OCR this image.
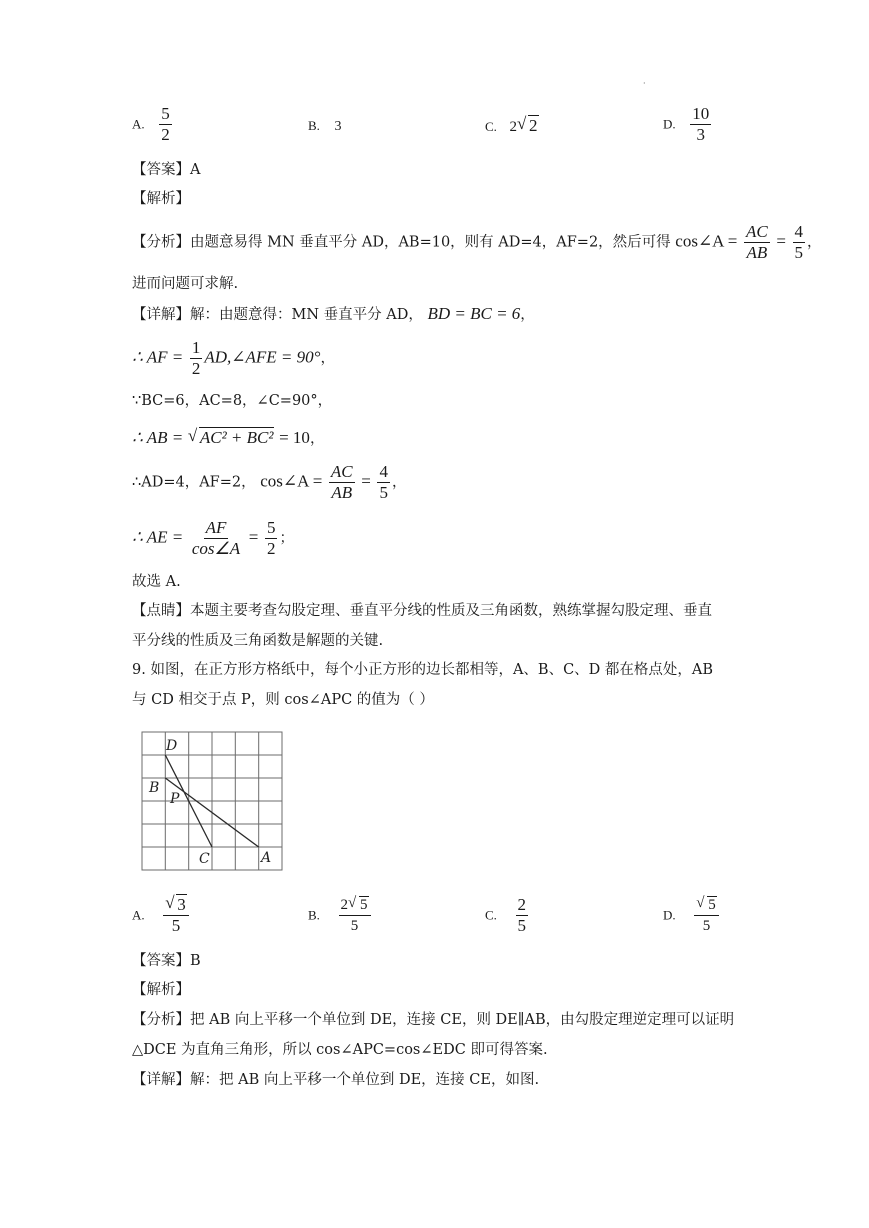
·
A. $\frac{5}{2}$	B. 3	C. 2 √ 2	D. $\frac{10}{3}$
【答案】A
【解析】
【分析】由题意易得 MN 垂直平分 AD，AB=10，则有 AD=4，AF=2，然后可得 cos∠A = $\frac{AC}{AB} = \frac{4}{5}$ ，
进而问题可求解.
【详解】解：由题意得：MN 垂直平分 AD， BD = BC = 6，
∴ AF = $\frac{1}{2}$ AD,∠AFE = 90°，
∵BC=6，AC=8，∠C=90°，
∴ AB = √ AC² + BC² = 10，
∴AD=4，AF=2， cos∠A = $\frac{AC}{AB} = \frac{4}{5}$ ，
∴ AE = $\frac{AF}{\cos\angle A} = \frac{5}{2}$ ；
故选 A.
【点睛】本题主要考查勾股定理、垂直平分线的性质及三角函数，熟练掌握勾股定理、垂直
平分线的性质及三角函数是解题的关键.
9. 如图，在正方形方格纸中，每个小正方形的边长都相等，A、B、C、D 都在格点处，AB
与 CD 相交于点 P，则 cos∠APC 的值为（ ）
D
B
P
C	A
A. √ $\frac{3}{5}$	B. $\frac{2 √ 5}{5}$	C. $\frac{2}{5}$	D. √ $\frac{5}{5}$
【答案】B
【解析】
【分析】把 AB 向上平移一个单位到 DE，连接 CE，则 DE∥AB，由勾股定理逆定理可以证明
△DCE 为直角三角形，所以 cos∠APC=cos∠EDC 即可得答案.
【详解】解：把 AB 向上平移一个单位到 DE，连接 CE，如图.
